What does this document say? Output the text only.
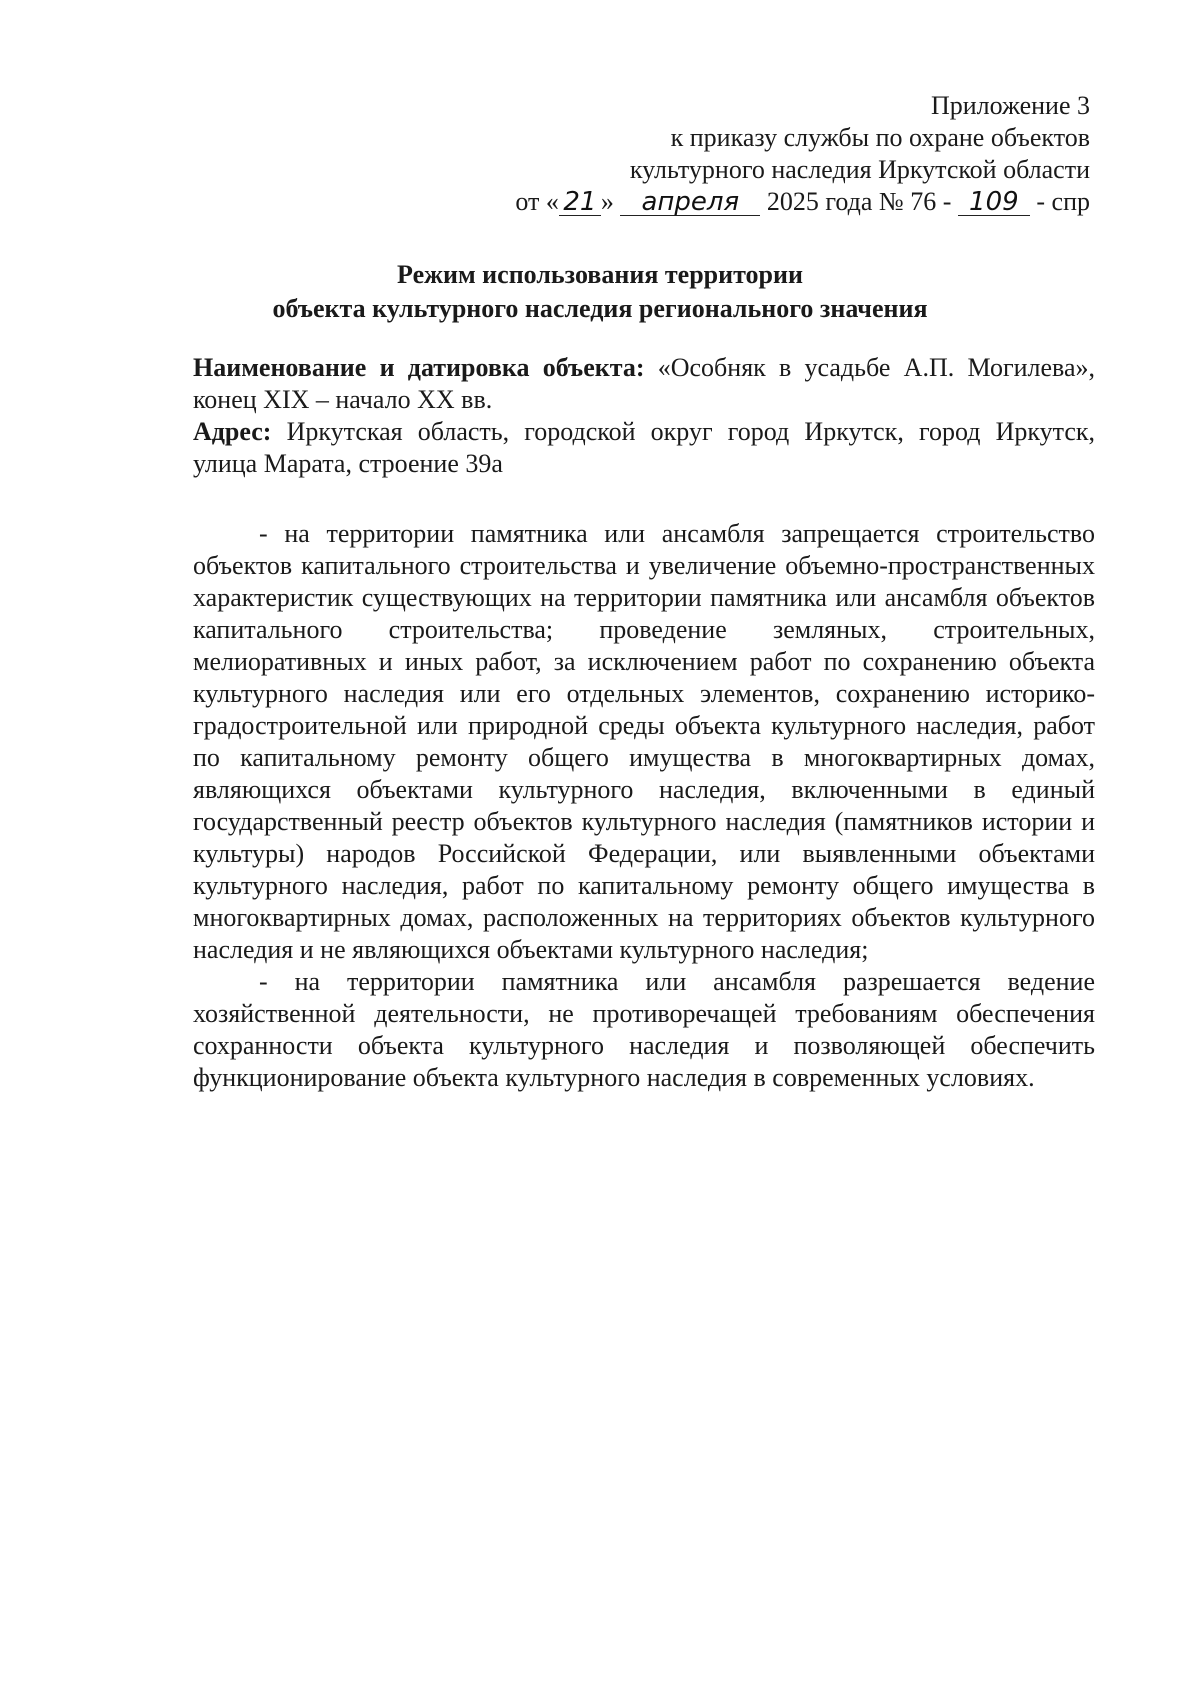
Приложение 3
к приказу службы по охране объектов
культурного наследия Иркутской области
от « 21 » апреля 2025 года № 76 - 109 - спр
Режим использования территории
объекта культурного наследия регионального значения

Наименование и датировка объекта: «Особняк в усадьбе А.П. Могилева», конец XIX – начало XX вв.

Адрес: Иркутская область, городской округ город Иркутск, город Иркутск, улица Марата, строение 39а

- на территории памятника или ансамбля запрещается строительство объектов капитального строительства и увеличение объемно-пространственных характеристик существующих на территории памятника или ансамбля объектов капитального строительства; проведение земляных, строительных, мелиоративных и иных работ, за исключением работ по сохранению объекта культурного наследия или его отдельных элементов, сохранению историко-градостроительной или природной среды объекта культурного наследия, работ по капитальному ремонту общего имущества в многоквартирных домах, являющихся объектами культурного наследия, включенными в единый государственный реестр объектов культурного наследия (памятников истории и культуры) народов Российской Федерации, или выявленными объектами культурного наследия, работ по капитальному ремонту общего имущества в многоквартирных домах, расположенных на территориях объектов культурного наследия и не являющихся объектами культурного наследия;

- на территории памятника или ансамбля разрешается ведение хозяйственной деятельности, не противоречащей требованиям обеспечения сохранности объекта культурного наследия и позволяющей обеспечить функционирование объекта культурного наследия в современных условиях.
